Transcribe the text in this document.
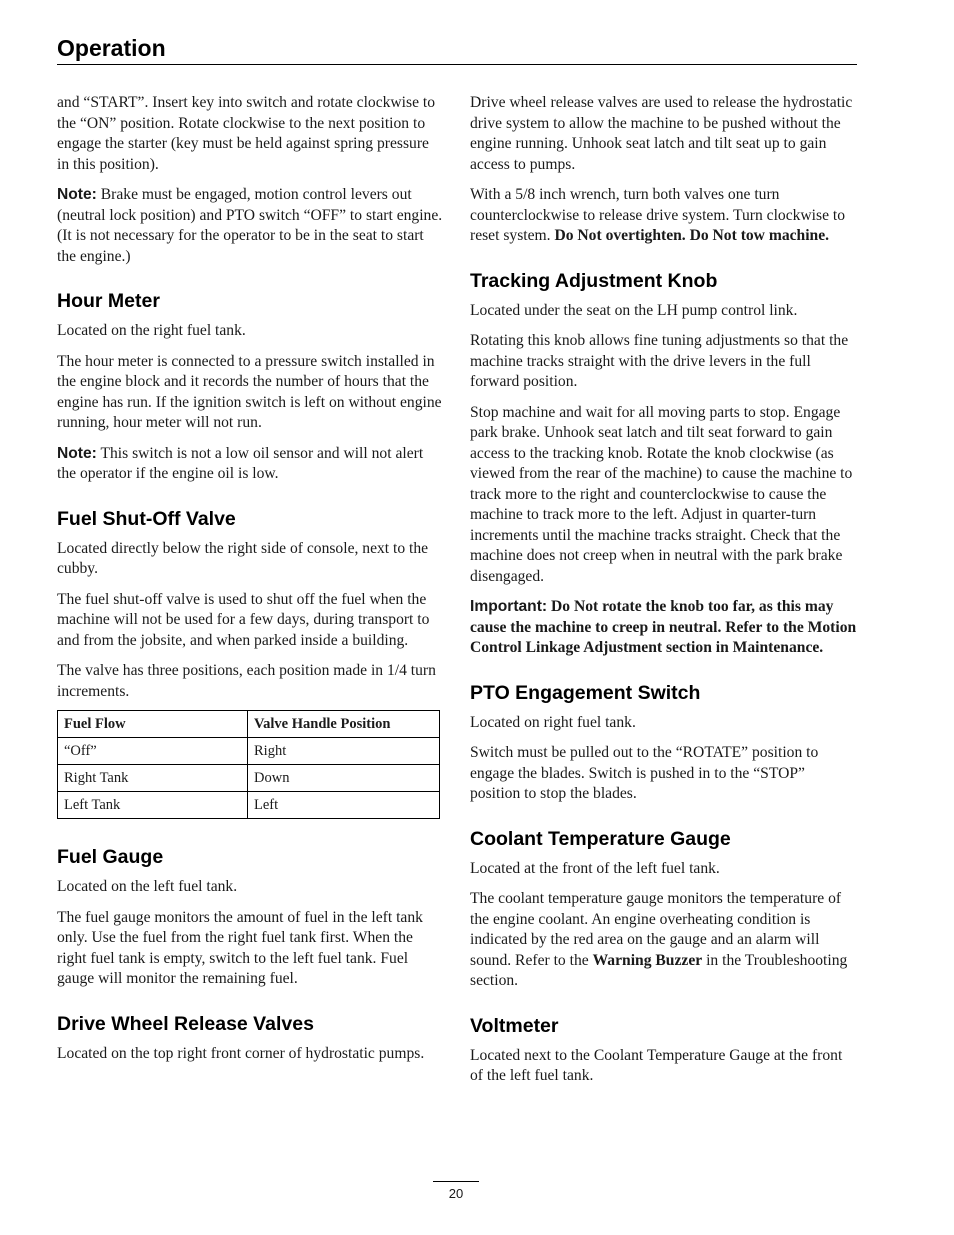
Operation

and “START”. Insert key into switch and rotate clockwise to the “ON” position. Rotate clockwise to the next position to engage the starter (key must be held against spring pressure in this position).

Note: Brake must be engaged, motion control levers out (neutral lock position) and PTO switch “OFF” to start engine. (It is not necessary for the operator to be in the seat to start the engine.)

Hour Meter

Located on the right fuel tank.

The hour meter is connected to a pressure switch installed in the engine block and it records the number of hours that the engine has run. If the ignition switch is left on without engine running, hour meter will not run.

Note: This switch is not a low oil sensor and will not alert the operator if the engine oil is low.

Fuel Shut-Off Valve

Located directly below the right side of console, next to the cubby.

The fuel shut-off valve is used to shut off the fuel when the machine will not be used for a few days, during transport to and from the jobsite, and when parked inside a building.

The valve has three positions, each position made in 1/4 turn increments.

Fuel Flow	Valve Handle Position
“Off”	Right
Right Tank	Down
Left Tank	Left
Fuel Gauge

Located on the left fuel tank.

The fuel gauge monitors the amount of fuel in the left tank only. Use the fuel from the right fuel tank first. When the right fuel tank is empty, switch to the left fuel tank. Fuel gauge will monitor the remaining fuel.

Drive Wheel Release Valves

Located on the top right front corner of hydrostatic pumps.

Drive wheel release valves are used to release the hydrostatic drive system to allow the machine to be pushed without the engine running. Unhook seat latch and tilt seat up to gain access to pumps.

With a 5/8 inch wrench, turn both valves one turn counterclockwise to release drive system. Turn clockwise to reset system. Do Not overtighten. Do Not tow machine.

Tracking Adjustment Knob

Located under the seat on the LH pump control link.

Rotating this knob allows fine tuning adjustments so that the machine tracks straight with the drive levers in the full forward position.

Stop machine and wait for all moving parts to stop. Engage park brake. Unhook seat latch and tilt seat forward to gain access to the tracking knob. Rotate the knob clockwise (as viewed from the rear of the machine) to cause the machine to track more to the right and counterclockwise to cause the machine to track more to the left. Adjust in quarter-turn increments until the machine tracks straight. Check that the machine does not creep when in neutral with the park brake disengaged.

Important: Do Not rotate the knob too far, as this may cause the machine to creep in neutral. Refer to the Motion Control Linkage Adjustment section in Maintenance.

PTO Engagement Switch

Located on right fuel tank.

Switch must be pulled out to the “ROTATE” position to engage the blades. Switch is pushed in to the “STOP” position to stop the blades.

Coolant Temperature Gauge

Located at the front of the left fuel tank.

The coolant temperature gauge monitors the temperature of the engine coolant. An engine overheating condition is indicated by the red area on the gauge and an alarm will sound. Refer to the Warning Buzzer in the Troubleshooting section.

Voltmeter

Located next to the Coolant Temperature Gauge at the front of the left fuel tank.

20
